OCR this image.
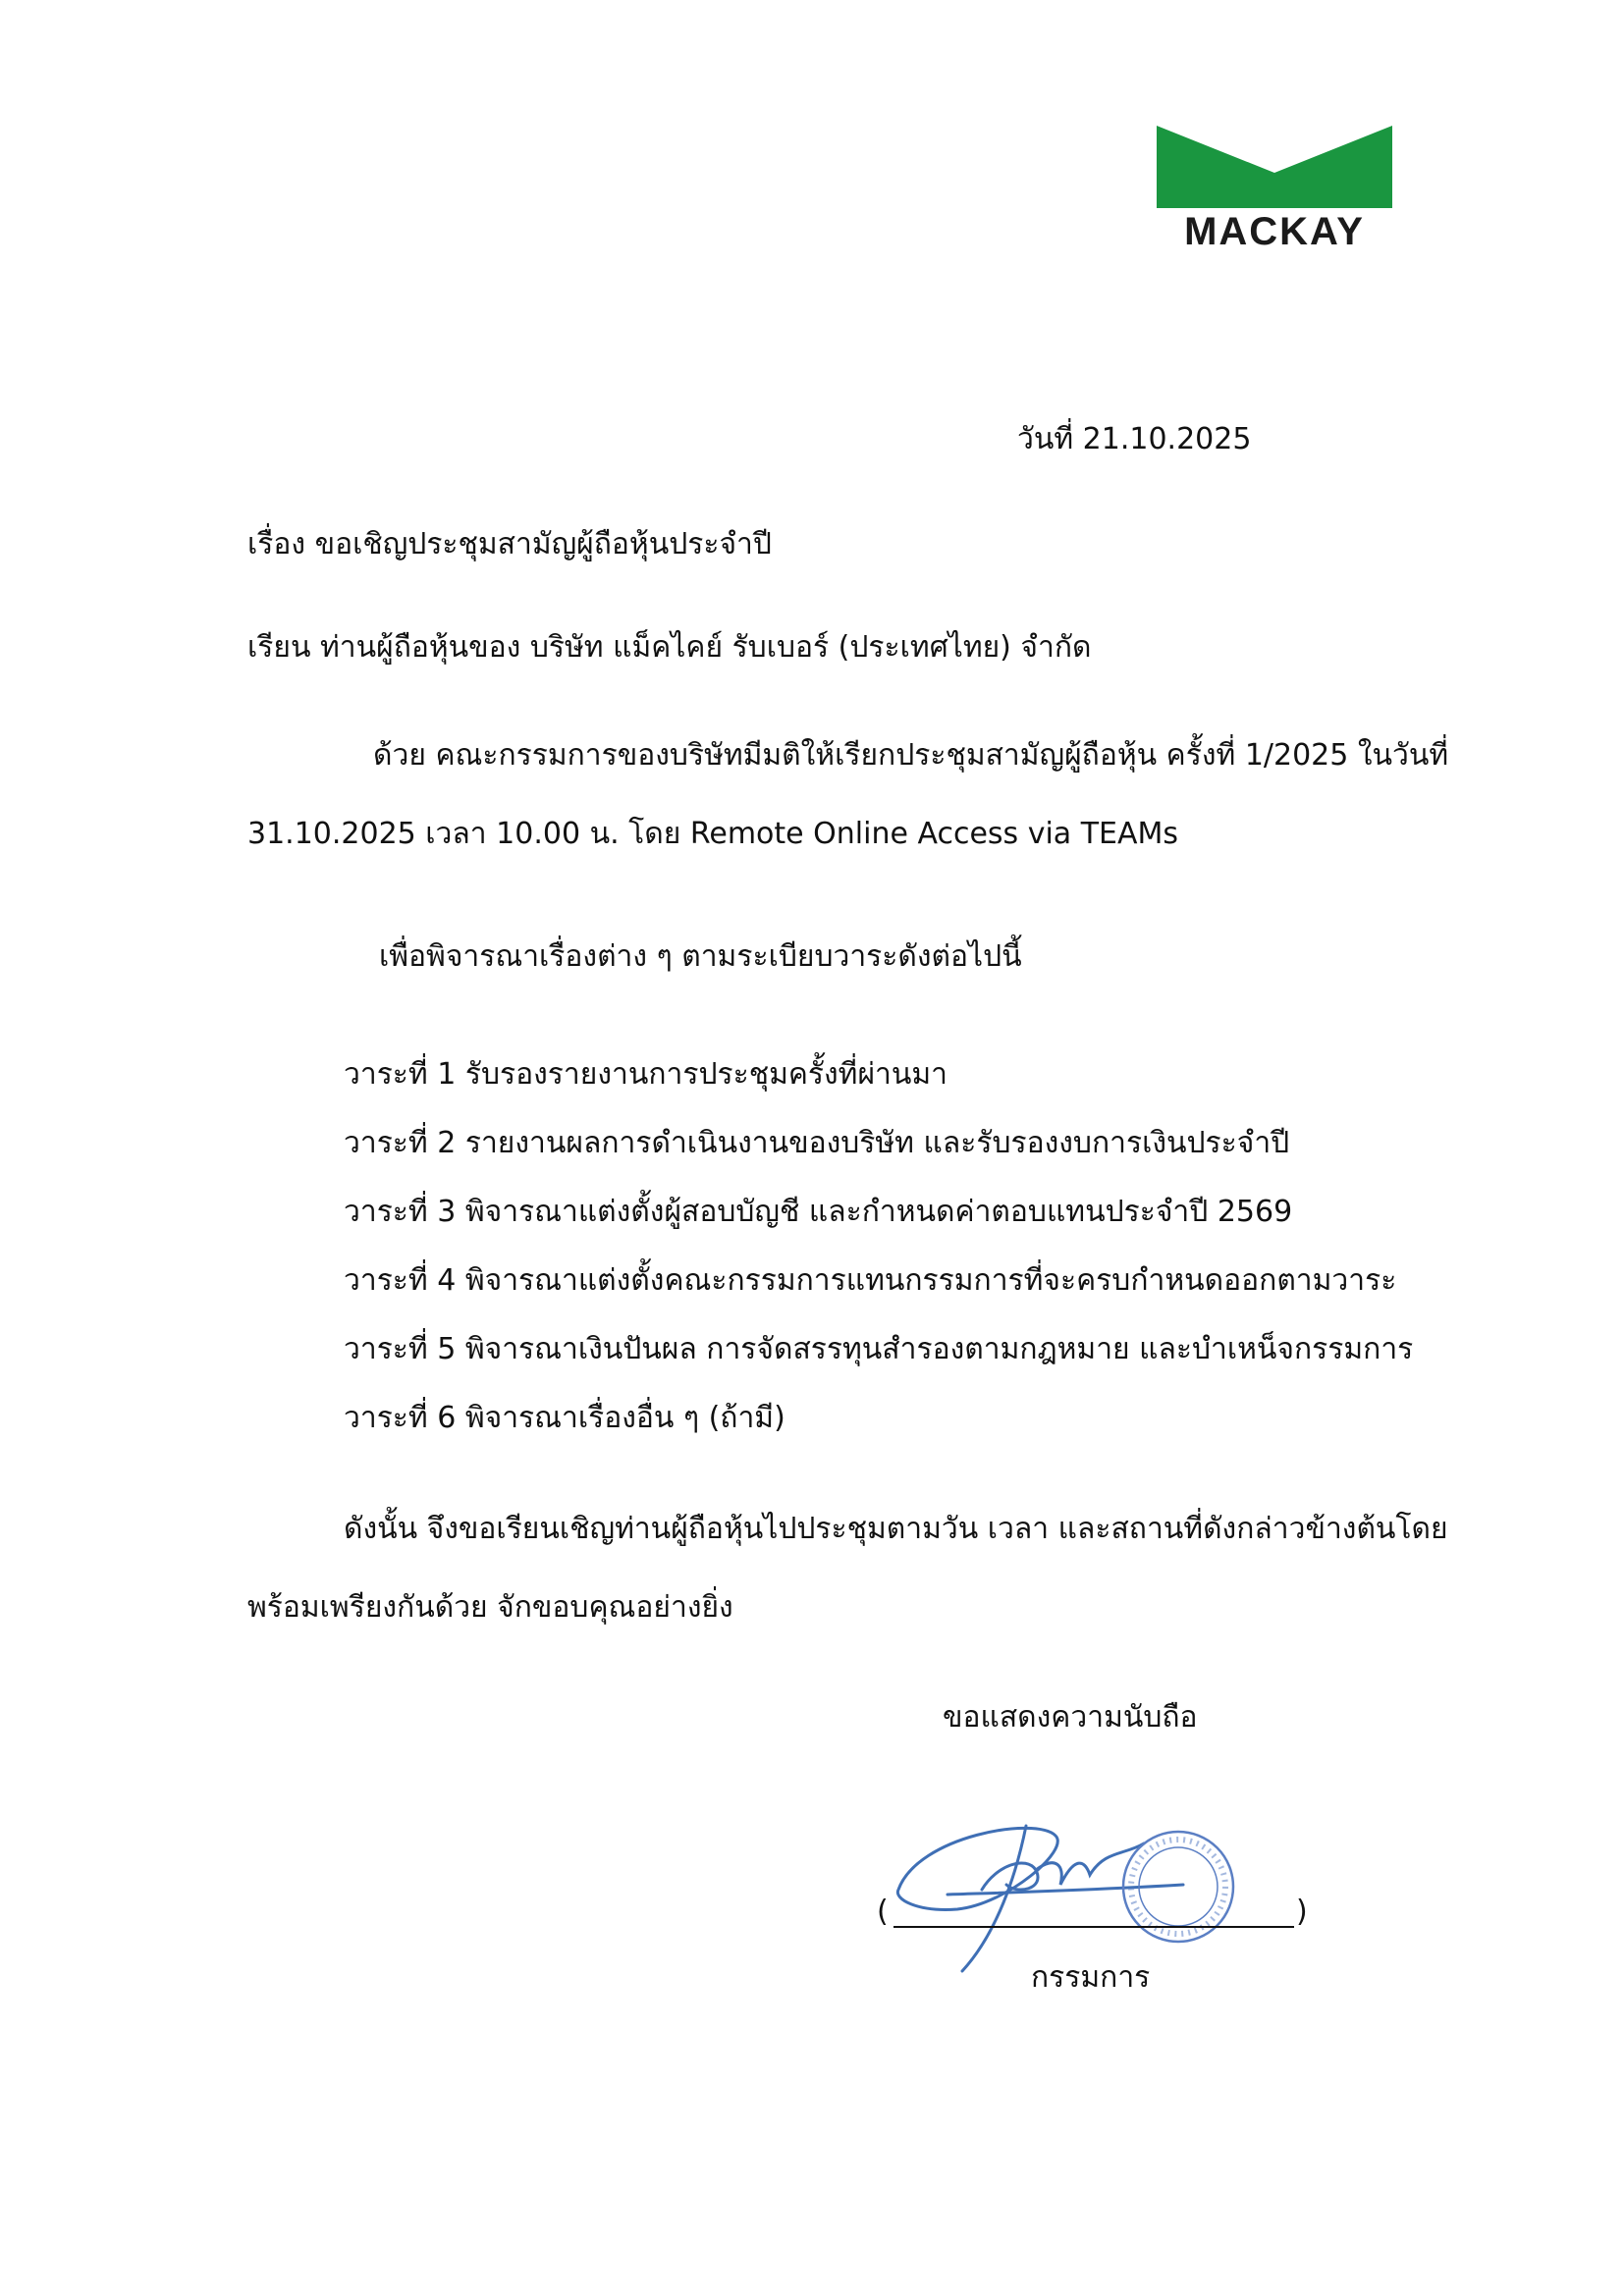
MACKAY
วันที่ 21.10.2025
เรื่อง ขอเชิญประชุมสามัญผู้ถือหุ้นประจำปี
เรียน ท่านผู้ถือหุ้นของ บริษัท แม็คไคย์ รับเบอร์ (ประเทศไทย) จำกัด
ด้วย คณะกรรมการของบริษัทมีมติให้เรียกประชุมสามัญผู้ถือหุ้น ครั้งที่ 1/2025 ในวันที่
31.10.2025 เวลา 10.00 น. โดย Remote Online Access via TEAMs
เพื่อพิจารณาเรื่องต่าง ๆ ตามระเบียบวาระดังต่อไปนี้
วาระที่ 1 รับรองรายงานการประชุมครั้งที่ผ่านมา
วาระที่ 2 รายงานผลการดำเนินงานของบริษัท และรับรองงบการเงินประจำปี
วาระที่ 3 พิจารณาแต่งตั้งผู้สอบบัญชี และกำหนดค่าตอบแทนประจำปี 2569
วาระที่ 4 พิจารณาแต่งตั้งคณะกรรมการแทนกรรมการที่จะครบกำหนดออกตามวาระ
วาระที่ 5 พิจารณาเงินปันผล การจัดสรรทุนสำรองตามกฎหมาย และบำเหน็จกรรมการ
วาระที่ 6 พิจารณาเรื่องอื่น ๆ (ถ้ามี)
ดังนั้น จึงขอเรียนเชิญท่านผู้ถือหุ้นไปประชุมตามวัน เวลา และสถานที่ดังกล่าวข้างต้นโดย
พร้อมเพรียงกันด้วย จักขอบคุณอย่างยิ่ง
ขอแสดงความนับถือ
(	)
กรรมการ
